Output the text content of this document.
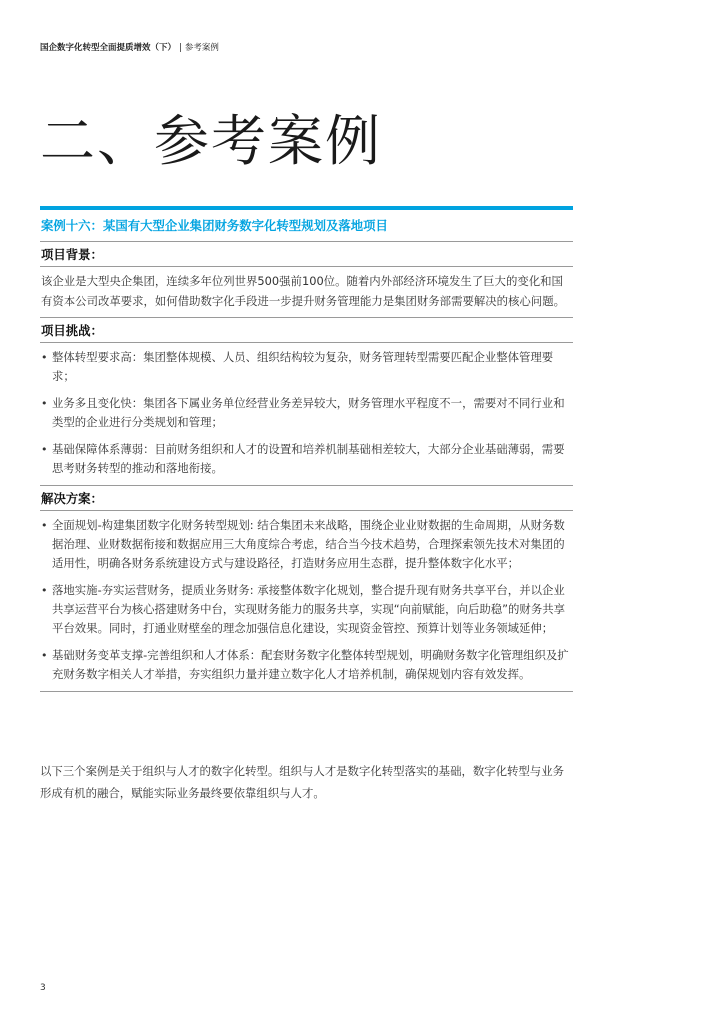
国企数字化转型全面提质增效（下） | 参考案例
二、参考案例
案例十六：某国有大型企业集团财务数字化转型规划及落地项目
项目背景：
该企业是大型央企集团，连续多年位列世界500强前100位。随着内外部经济环境发生了巨大的变化和国有资本公司改革要求，如何借助数字化手段进一步提升财务管理能力是集团财务部需要解决的核心问题。
项目挑战：
• 整体转型要求高：集团整体规模、人员、组织结构较为复杂，财务管理转型需要匹配企业整体管理要求；
• 业务多且变化快：集团各下属业务单位经营业务差异较大，财务管理水平程度不一，需要对不同行业和类型的企业进行分类规划和管理；
• 基础保障体系薄弱：目前财务组织和人才的设置和培养机制基础相差较大，大部分企业基础薄弱，需要思考财务转型的推动和落地衔接。
解决方案：
• 全面规划-构建集团数字化财务转型规划: 结合集团未来战略，围绕企业业财数据的生命周期，从财务数据治理、业财数据衔接和数据应用三大角度综合考虑，结合当今技术趋势，合理探索领先技术对集团的适用性，明确各财务系统建设方式与建设路径，打造财务应用生态群，提升整体数字化水平；
• 落地实施-夯实运营财务，提质业务财务: 承接整体数字化规划，整合提升现有财务共享平台，并以企业共享运营平台为核心搭建财务中台，实现财务能力的服务共享，实现“向前赋能，向后助稳”的财务共享平台效果。同时，打通业财壁垒的理念加强信息化建设，实现资金管控、预算计划等业务领域延伸；
• 基础财务变革支撑-完善组织和人才体系：配套财务数字化整体转型规划，明确财务数字化管理组织及扩充财务数字相关人才举措，夯实组织力量并建立数字化人才培养机制，确保规划内容有效发挥。
以下三个案例是关于组织与人才的数字化转型。组织与人才是数字化转型落实的基础，数字化转型与业务形成有机的融合，赋能实际业务最终要依靠组织与人才。
3
